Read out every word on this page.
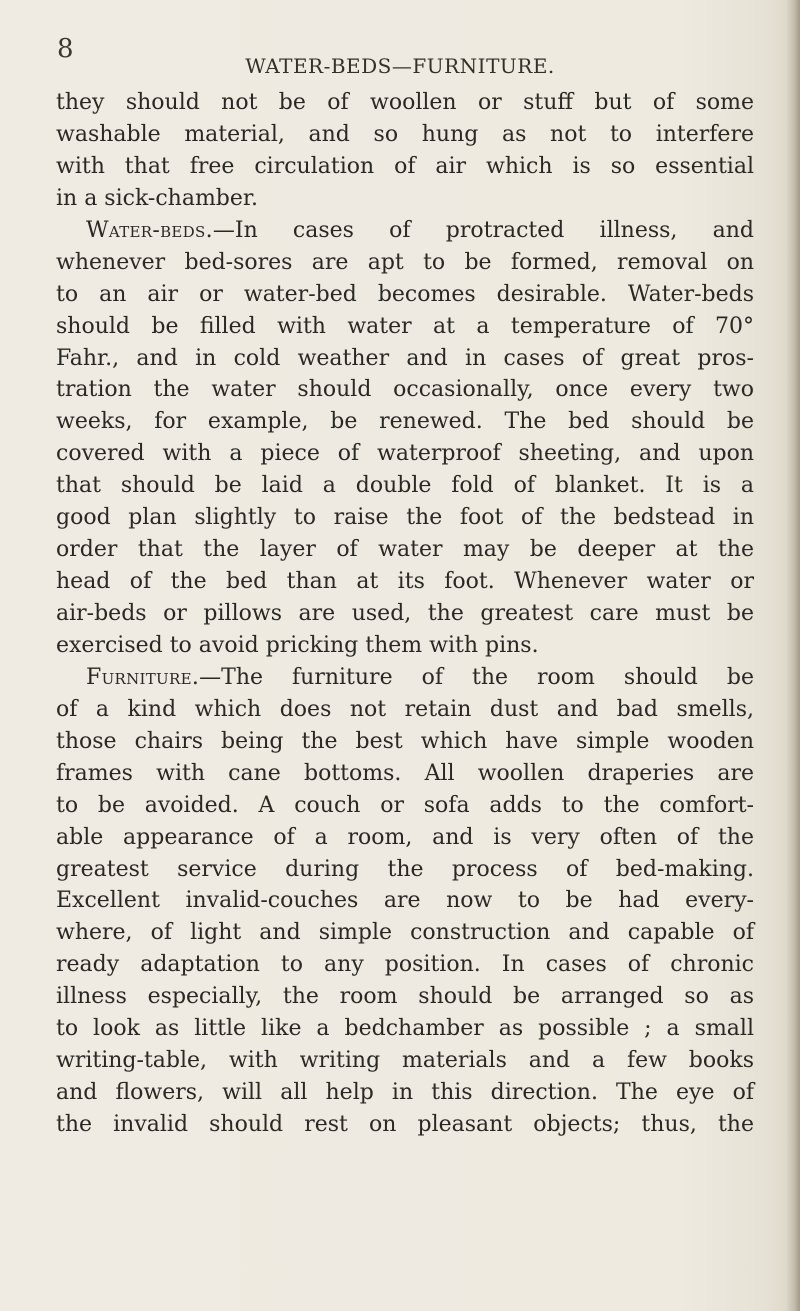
8
WATER-BEDS—FURNITURE.
they should not be of woollen or stuff but of some
washable material, and so hung as not to interfere
with that free circulation of air which is so essential
in a sick-chamber.
Water-beds.—In cases of protracted illness, and
whenever bed-sores are apt to be formed, removal on
to an air or water-bed becomes desirable. Water-beds
should be filled with water at a temperature of 70°
Fahr., and in cold weather and in cases of great pros-
tration the water should occasionally, once every two
weeks, for example, be renewed. The bed should be
covered with a piece of waterproof sheeting, and upon
that should be laid a double fold of blanket. It is a
good plan slightly to raise the foot of the bedstead in
order that the layer of water may be deeper at the
head of the bed than at its foot. Whenever water or
air-beds or pillows are used, the greatest care must be
exercised to avoid pricking them with pins.
Furniture.—The furniture of the room should be
of a kind which does not retain dust and bad smells,
those chairs being the best which have simple wooden
frames with cane bottoms. All woollen draperies are
to be avoided. A couch or sofa adds to the comfort-
able appearance of a room, and is very often of the
greatest service during the process of bed-making.
Excellent invalid-couches are now to be had every-
where, of light and simple construction and capable of
ready adaptation to any position. In cases of chronic
illness especially, the room should be arranged so as
to look as little like a bedchamber as possible ; a small
writing-table, with writing materials and a few books
and flowers, will all help in this direction. The eye of
the invalid should rest on pleasant objects; thus, the
